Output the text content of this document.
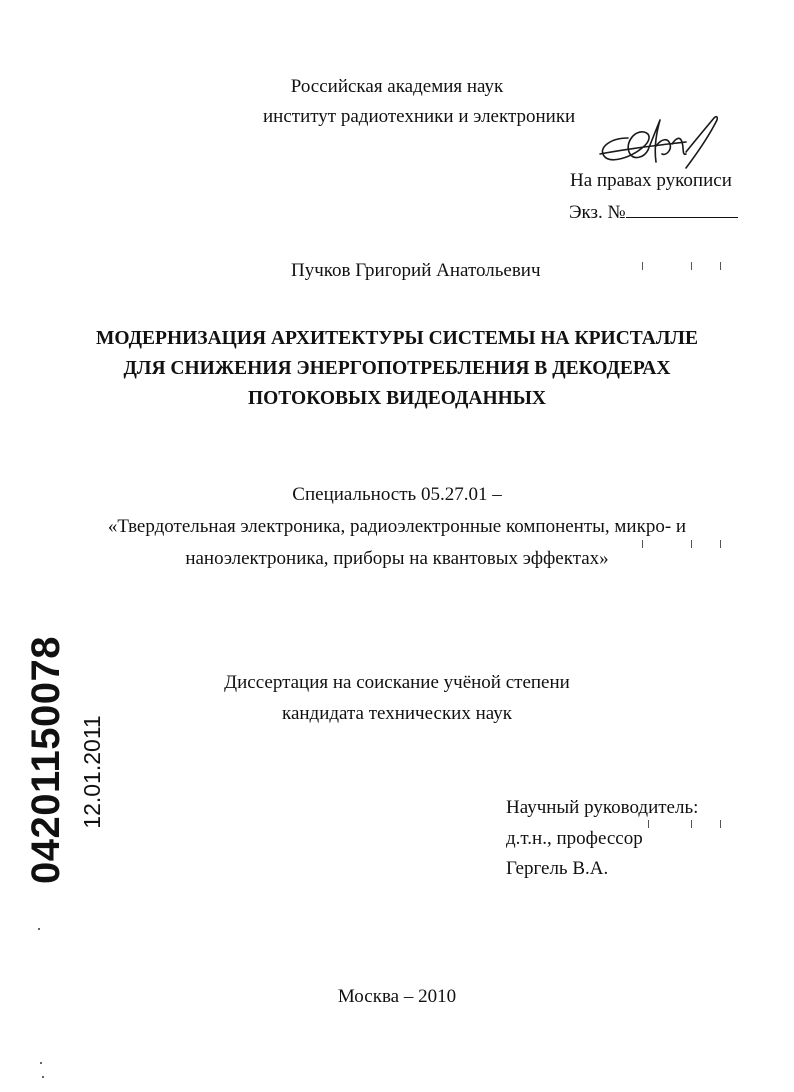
Российская академия наук
институт радиотехники и электроники
На правах рукописи
Экз. №
Пучков Григорий Анатольевич
МОДЕРНИЗАЦИЯ АРХИТЕКТУРЫ СИСТЕМЫ НА КРИСТАЛЛЕ
ДЛЯ СНИЖЕНИЯ ЭНЕРГОПОТРЕБЛЕНИЯ В ДЕКОДЕРАХ
ПОТОКОВЫХ ВИДЕОДАННЫХ
Специальность 05.27.01 –
«Твердотельная электроника, радиоэлектронные компоненты, микро- и
наноэлектроника, приборы на квантовых эффектах»
Диссертация на соискание учёной степени
кандидата технических наук
Научный руководитель:
д.т.н., профессор
Гергель В.А.
Москва – 2010
04201150078 12.01.2011
